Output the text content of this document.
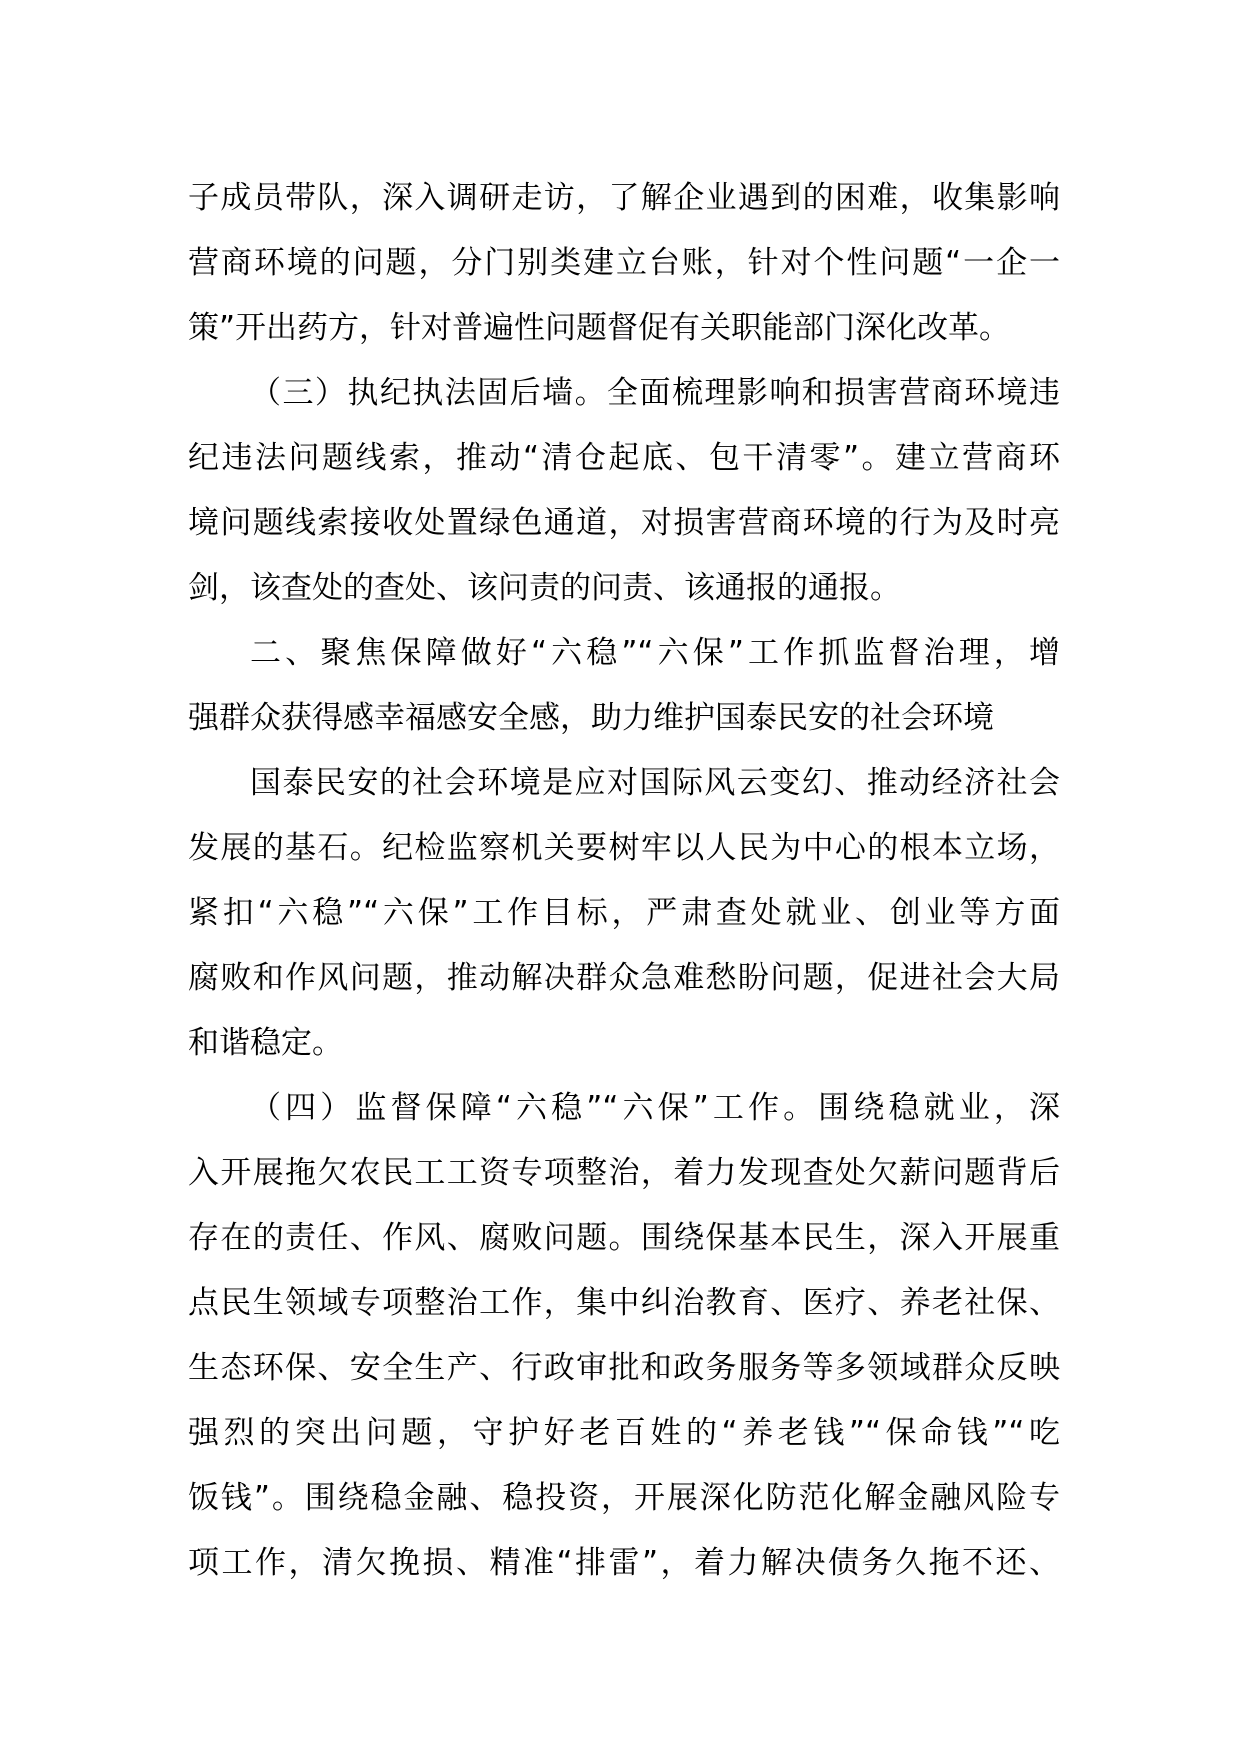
子成员带队，深入调研走访，了解企业遇到的困难，收集影响
营商环境的问题，分门别类建立台账，针对个性问题“一企一
策”开出药方，针对普遍性问题督促有关职能部门深化改革。
（三）执纪执法固后墙。全面梳理影响和损害营商环境违
纪违法问题线索，推动“清仓起底、包干清零”。建立营商环
境问题线索接收处置绿色通道，对损害营商环境的行为及时亮
剑，该查处的查处、该问责的问责、该通报的通报。
二、聚焦保障做好“六稳”“六保”工作抓监督治理，增
强群众获得感幸福感安全感，助力维护国泰民安的社会环境
国泰民安的社会环境是应对国际风云变幻、推动经济社会
发展的基石。纪检监察机关要树牢以人民为中心的根本立场，
紧扣“六稳”“六保”工作目标，严肃查处就业、创业等方面
腐败和作风问题，推动解决群众急难愁盼问题，促进社会大局
和谐稳定。
（四）监督保障“六稳”“六保”工作。围绕稳就业，深
入开展拖欠农民工工资专项整治，着力发现查处欠薪问题背后
存在的责任、作风、腐败问题。围绕保基本民生，深入开展重
点民生领域专项整治工作，集中纠治教育、医疗、养老社保、
生态环保、安全生产、行政审批和政务服务等多领域群众反映
强烈的突出问题，守护好老百姓的“养老钱”“保命钱”“吃
饭钱”。围绕稳金融、稳投资，开展深化防范化解金融风险专
项工作，清欠挽损、精准“排雷”，着力解决债务久拖不还、
